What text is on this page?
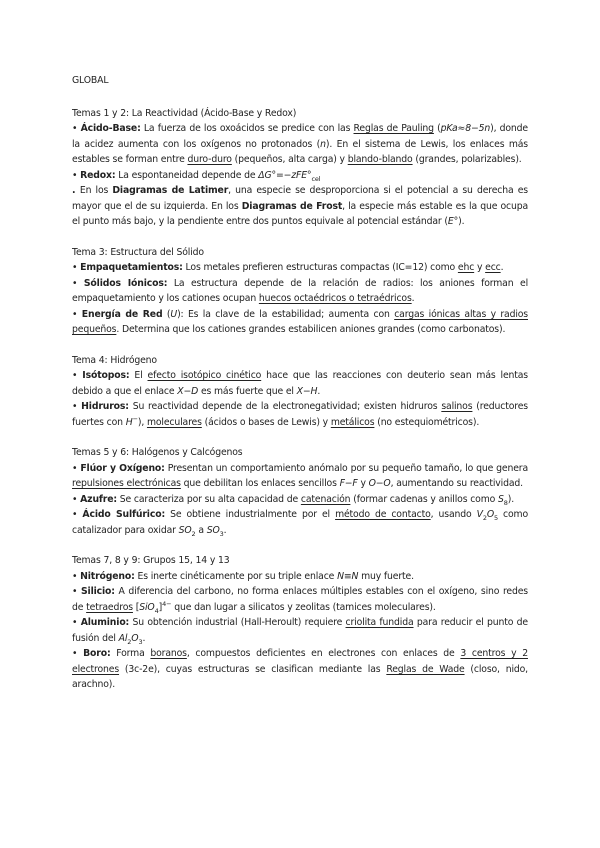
GLOBAL

Temas 1 y 2: La Reactividad (Ácido-Base y Redox)

• Ácido-Base: La fuerza de los oxoácidos se predice con las Reglas de Pauling (pKa≈8−5n), donde la acidez aumenta con los oxígenos no protonados (n). En el sistema de Lewis, los enlaces más estables se forman entre duro-duro (pequeños, alta carga) y blando-blando (grandes, polarizables).

• Redox: La espontaneidad depende de $\Delta G^\circ=-zFE^\circ_{cel}$

. En los Diagramas de Latimer, una especie se desproporciona si el potencial a su derecha es mayor que el de su izquierda. En los Diagramas de Frost, la especie más estable es la que ocupa el punto más bajo, y la pendiente entre dos puntos equivale al potencial estándar (E°).

Tema 3: Estructura del Sólido

• Empaquetamientos: Los metales prefieren estructuras compactas (IC=12) como ehc y ecc.

• Sólidos Iónicos: La estructura depende de la relación de radios: los aniones forman el empaquetamiento y los cationes ocupan huecos octaédricos o tetraédricos.

• Energía de Red (U): Es la clave de la estabilidad; aumenta con cargas iónicas altas y radios pequeños. Determina que los cationes grandes estabilicen aniones grandes (como carbonatos).

Tema 4: Hidrógeno

• Isótopos: El efecto isotópico cinético hace que las reacciones con deuterio sean más lentas debido a que el enlace X−D es más fuerte que el X−H.

• Hidruros: Su reactividad depende de la electronegatividad; existen hidruros salinos (reductores fuertes con H−), moleculares (ácidos o bases de Lewis) y metálicos (no estequiométricos).

Temas 5 y 6: Halógenos y Calcógenos

• Flúor y Oxígeno: Presentan un comportamiento anómalo por su pequeño tamaño, lo que genera repulsiones electrónicas que debilitan los enlaces sencillos F−F y O−O, aumentando su reactividad.

• Azufre: Se caracteriza por su alta capacidad de catenación (formar cadenas y anillos como $S_8$).

• Ácido Sulfúrico: Se obtiene industrialmente por el método de contacto, usando $V_2O_5$ como catalizador para oxidar $SO_2$ a $SO_3$.

Temas 7, 8 y 9: Grupos 15, 14 y 13

• Nitrógeno: Es inerte cinéticamente por su triple enlace N≡N muy fuerte.

• Silicio: A diferencia del carbono, no forma enlaces múltiples estables con el oxígeno, sino redes de tetraedros $[SiO_4]^{4-}$ que dan lugar a silicatos y zeolitas (tamices moleculares).

• Aluminio: Su obtención industrial (Hall-Heroult) requiere criolita fundida para reducir el punto de fusión del $Al_2O_3$.

• Boro: Forma boranos, compuestos deficientes en electrones con enlaces de 3 centros y 2 electrones (3c-2e), cuyas estructuras se clasifican mediante las Reglas de Wade (closo, nido, arachno).
